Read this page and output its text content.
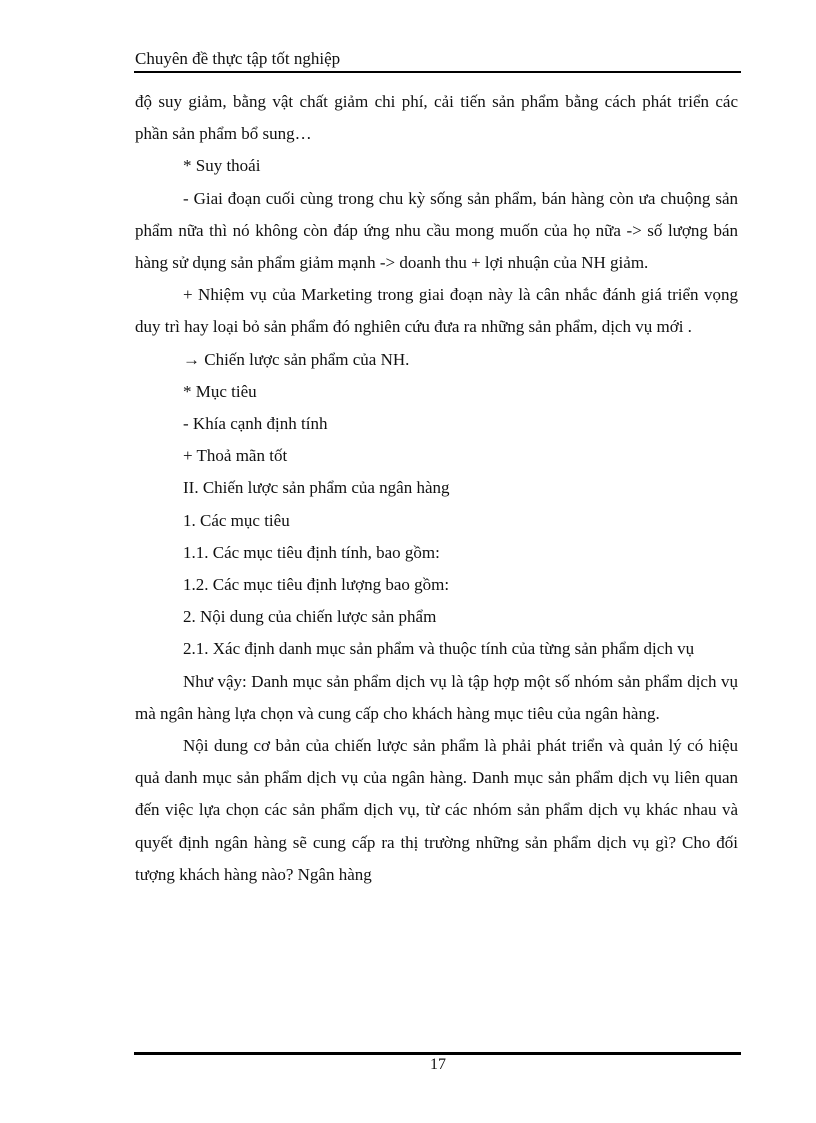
Chuyên đề thực tập tốt nghiệp

độ suy giảm, bằng vật chất giảm chi phí, cải tiến sản phẩm bằng cách phát triển các phần sản phẩm bổ sung…

* Suy thoái

- Giai đoạn cuối cùng trong chu kỳ sống sản phẩm, bán hàng còn ưa chuộng sản phẩm nữa thì nó không còn đáp ứng nhu cầu mong muốn của họ nữa -> số lượng bán hàng sử dụng sản phẩm giảm mạnh -> doanh thu + lợi nhuận của NH giảm.

+ Nhiệm vụ của Marketing trong giai đoạn này là cân nhắc đánh giá triển vọng duy trì hay loại bỏ sản phẩm đó nghiên cứu đưa ra những sản phẩm, dịch vụ mới .

→ Chiến lược sản phẩm của NH.

* Mục tiêu

- Khía cạnh định tính

+ Thoả mãn tốt

II. Chiến lược sản phẩm của ngân hàng

1. Các mục tiêu

1.1. Các mục tiêu định tính, bao gồm:

1.2. Các mục tiêu định lượng bao gồm:

2. Nội dung của chiến lược sản phẩm

2.1. Xác định danh mục sản phẩm và thuộc tính của từng sản phẩm dịch vụ

Như vậy: Danh mục sản phẩm dịch vụ là tập hợp một số nhóm sản phẩm dịch vụ mà ngân hàng lựa chọn và cung cấp cho khách hàng mục tiêu của ngân hàng.

Nội dung cơ bản của chiến lược sản phẩm là phải phát triển và quản lý có hiệu quả danh mục sản phẩm dịch vụ của ngân hàng. Danh mục sản phẩm dịch vụ liên quan đến việc lựa chọn các sản phẩm dịch vụ, từ các nhóm sản phẩm dịch vụ khác nhau và quyết định ngân hàng sẽ cung cấp ra thị trường những sản phẩm dịch vụ gì? Cho đối tượng khách hàng nào? Ngân hàng

17
